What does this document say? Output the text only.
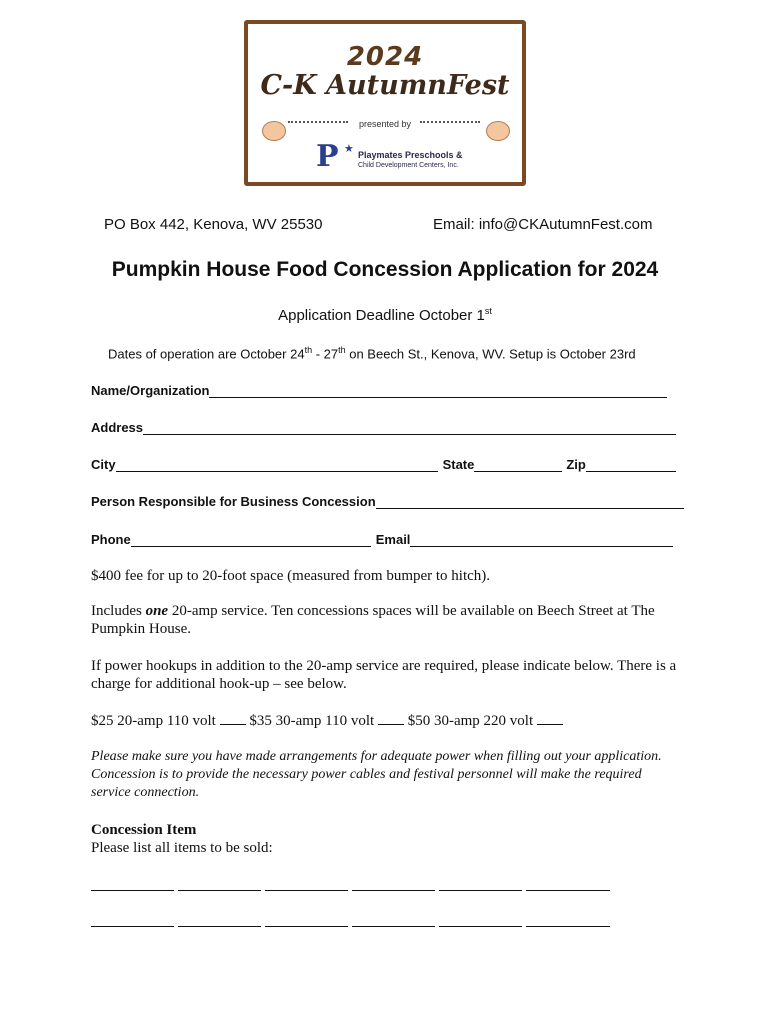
2024
C-K AutumnFest
presented by
P ★ Playmates Preschools &
Child Development Centers, Inc.
PO Box 442, Kenova, WV 25530	Email: info@CKAutumnFest.com
Pumpkin House Food Concession Application for 2024
Application Deadline October 1st
Dates of operation are October 24th - 27th on Beech St., Kenova, WV. Setup is October 23rd
Name/Organization
Address
City	State	Zip
Person Responsible for Business Concession
Phone	Email
$400 fee for up to 20-foot space (measured from bumper to hitch).
Includes one 20-amp service. Ten concessions spaces will be available on Beech Street at The Pumpkin House.
If power hookups in addition to the 20-amp service are required, please indicate below. There is a charge for additional hook-up – see below.
$25 20-amp 110 volt $35 30-amp 110 volt $50 30-amp 220 volt
Please make sure you have made arrangements for adequate power when filling out your application. Concession is to provide the necessary power cables and festival personnel will make the required service connection.
Concession Item
Please list all items to be sold:
